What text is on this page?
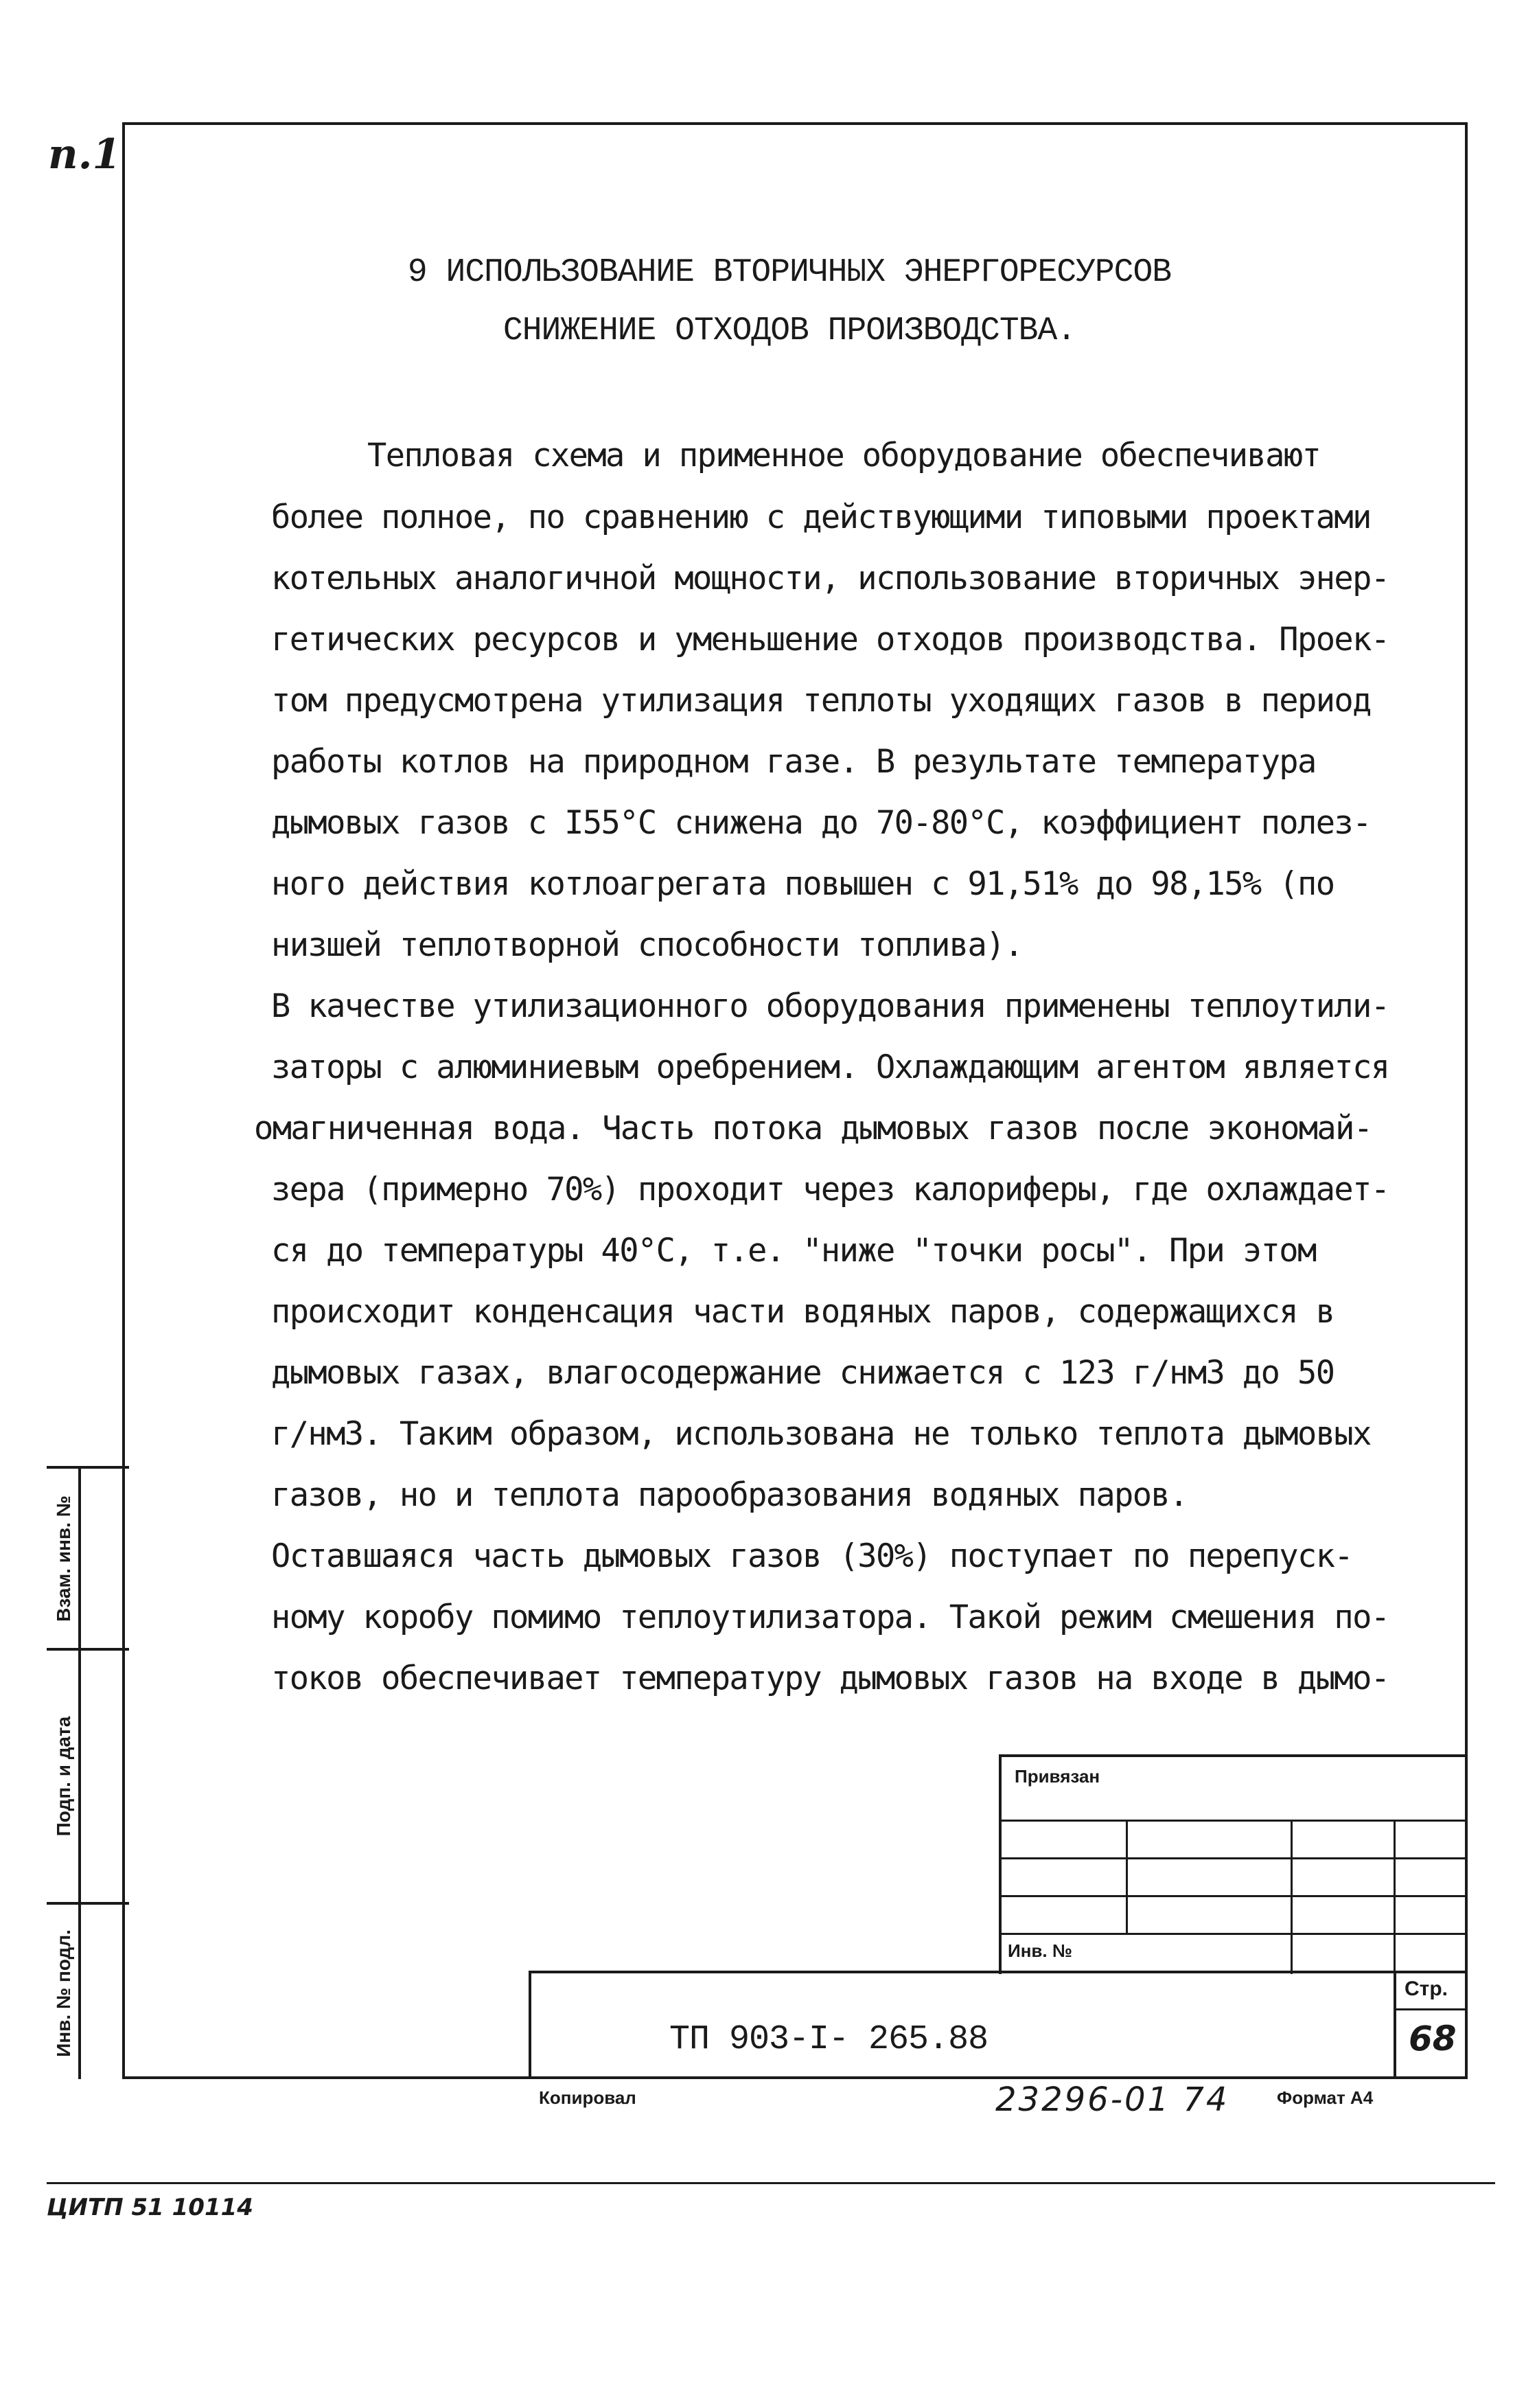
п.1
9 ИСПОЛЬЗОВАНИЕ ВТОРИЧНЫХ ЭНЕРГОРЕСУРСОВ
СНИЖЕНИЕ ОТХОДОВ ПРОИЗВОДСТВА.
Тепловая схема и применное оборудование обеспечивают
более полное, по сравнению с действующими типовыми проектами
котельных аналогичной мощности, использование вторичных энер-
гетических ресурсов и уменьшение отходов производства. Проек-
том предусмотрена утилизация теплоты уходящих газов в период
работы котлов на природном газе. В результате температура
дымовых газов с I55°С снижена до 70-80°С, коэффициент полез-
ного действия котлоагрегата повышен с 91,51% до 98,15% (по
низшей теплотворной способности топлива).
В качестве утилизационного оборудования применены теплоутили-
заторы с алюминиевым оребрением. Охлаждающим агентом является
омагниченная вода. Часть потока дымовых газов после экономай-
зера (примерно 70%) проходит через калориферы, где охлаждает-
ся до температуры 40°С, т.е. "ниже "точки росы". При этом
происходит конденсация части водяных паров, содержащихся в
дымовых газах, влагосодержание снижается с 123 г/нм3 до 50
г/нм3. Таким образом, использована не только теплота дымовых
газов, но и теплота парообразования водяных паров.
Оставшаяся часть дымовых газов (30%) поступает по перепуск-
ному коробу помимо теплоутилизатора. Такой режим смешения по-
токов обеспечивает температуру дымовых газов на входе в дымо-
Взам. инв. №
Подп. и дата
Инв. № подл.
Привязан
Инв. №
ТП 903-I- 265.88
Стр.
68
Копировал	23296-01 74	Формат А4
ЦИТП 51 10114
